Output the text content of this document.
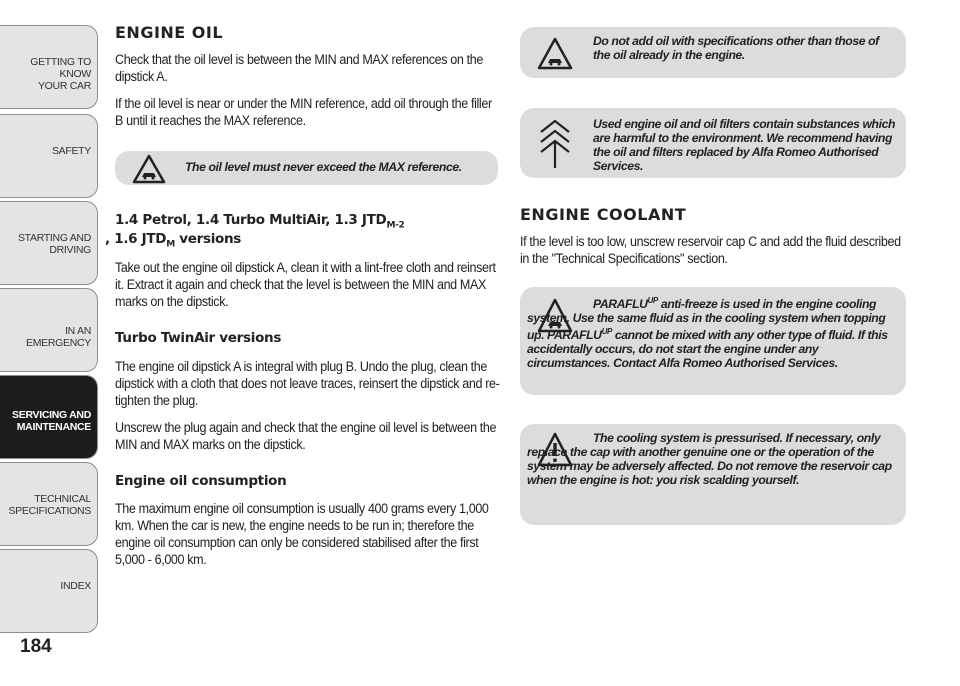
GETTING TO KNOW
YOUR CAR
SAFETY
STARTING AND
DRIVING
IN AN EMERGENCY
SERVICING AND
MAINTENANCE
TECHNICAL
SPECIFICATIONS
INDEX
184
ENGINE OIL

Check that the oil level is between the MIN and MAX references on the dipstick A.

If the oil level is near or under the MIN reference, add oil through the filler B until it reaches the MAX reference.

The oil level must never exceed the MAX reference.
1.4 Petrol, 1.4 Turbo MultiAir, 1.3 $JTD_{M-2}$
, 1.6 $JTD_M$ versions

Take out the engine oil dipstick A, clean it with a lint-free cloth and reinsert it. Extract it again and check that the level is between the MIN and MAX marks on the dipstick.

Turbo TwinAir versions

The engine oil dipstick A is integral with plug B. Undo the plug, clean the dipstick with a cloth that does not leave traces, reinsert the dipstick and re-tighten the plug.

Unscrew the plug again and check that the engine oil level is between the MIN and MAX marks on the dipstick.

Engine oil consumption

The maximum engine oil consumption is usually 400 grams every 1,000 km. When the car is new, the engine needs to be run in; therefore the engine oil consumption can only be considered stabilised after the first 5,000 - 6,000 km.

Do not add oil with specifications other than those of the oil already in the engine.
Used engine oil and oil filters contain substances which are harmful to the environment. We recommend having the oil and filters replaced by Alfa Romeo Authorised Services.
ENGINE COOLANT

If the level is too low, unscrew reservoir cap C and add the fluid described in the "Technical Specifications" section.

$PARAFLU^{UP}$ anti-freeze is used in the engine cooling system. Use the same fluid as in the cooling system when topping up. $PARAFLU^{UP}$ cannot be mixed with any other type of fluid. If this accidentally occurs, do not start the engine under any circumstances. Contact Alfa Romeo Authorised Services.
The cooling system is pressurised. If necessary, only replace the cap with another genuine one or the operation of the system may be adversely affected. Do not remove the reservoir cap when the engine is hot: you risk scalding yourself.
